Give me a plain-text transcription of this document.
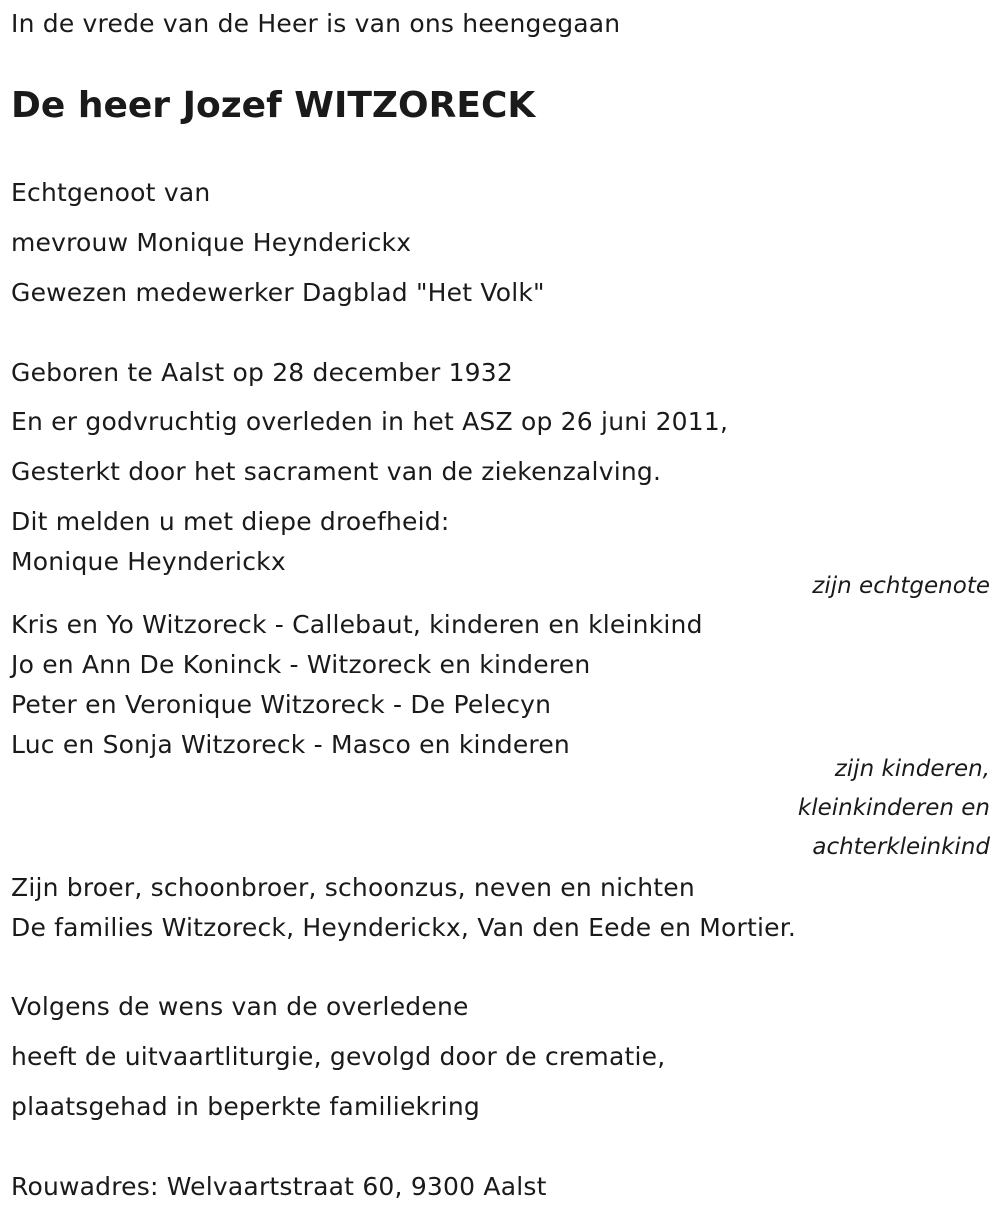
In de vrede van de Heer is van ons heengegaan
De heer Jozef WITZORECK
Echtgenoot van
mevrouw Monique Heynderickx
Gewezen medewerker Dagblad "Het Volk"
Geboren te Aalst op 28 december 1932
En er godvruchtig overleden in het ASZ op 26 juni 2011,
Gesterkt door het sacrament van de ziekenzalving.
Dit melden u met diepe droefheid:
Monique Heynderickx
zijn echtgenote
Kris en Yo Witzoreck - Callebaut, kinderen en kleinkind
Jo en Ann De Koninck - Witzoreck en kinderen
Peter en Veronique Witzoreck - De Pelecyn
Luc en Sonja Witzoreck - Masco en kinderen
zijn kinderen,
kleinkinderen en
achterkleinkind
Zijn broer, schoonbroer, schoonzus, neven en nichten
De families Witzoreck, Heynderickx, Van den Eede en Mortier.
Volgens de wens van de overledene
heeft de uitvaartliturgie, gevolgd door de crematie,
plaatsgehad in beperkte familiekring
Rouwadres: Welvaartstraat 60, 9300 Aalst
